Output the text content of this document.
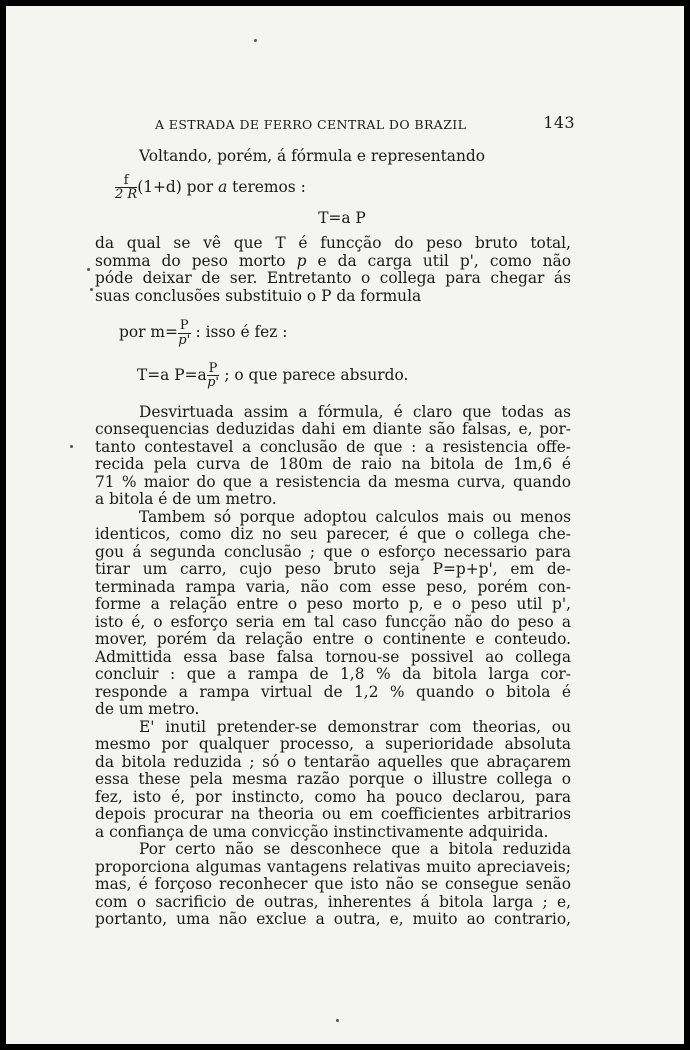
A ESTRADA DE FERRO CENTRAL DO BRAZIL	143

Voltando, porém, á fórmula e representando

$\frac{f}{2 R} (1+d)$ por a teremos :

T=a P

da qual se vê que T é funcção do peso bruto total,

somma do peso morto p e da carga util p', como não

póde deixar de ser. Entretanto o collega para chegar ás

suas conclusões substituio o P da formula

por $m= \frac{P}{p'}$ : isso é fez :

T=a $P=a \frac{P}{p'}$ ; o que parece absurdo.

Desvirtuada assim a fórmula, é claro que todas as

consequencias deduzidas dahi em diante são falsas, e, por-

tanto contestavel a conclusão de que : a resistencia offe-

recida pela curva de 180m de raio na bitola de 1m,6 é

71 % maior do que a resistencia da mesma curva, quando

a bitola é de um metro.

Tambem só porque adoptou calculos mais ou menos

identicos, como diz no seu parecer, é que o collega che-

gou á segunda conclusão ; que o esforço necessario para

tirar um carro, cujo peso bruto seja P=p+p', em de-

terminada rampa varia, não com esse peso, porém con-

forme a relação entre o peso morto p, e o peso util p',

isto é, o esforço seria em tal caso funcção não do peso a

mover, porém da relação entre o continente e conteudo.

Admittida essa base falsa tornou-se possivel ao collega

concluir : que a rampa de 1,8 % da bitola larga cor-

responde a rampa virtual de 1,2 % quando o bitola é

de um metro.

E' inutil pretender-se demonstrar com theorias, ou

mesmo por qualquer processo, a superioridade absoluta

da bitola reduzida ; só o tentarão aquelles que abraçarem

essa these pela mesma razão porque o illustre collega o

fez, isto é, por instincto, como ha pouco declarou, para

depois procurar na theoria ou em coefficientes arbitrarios

a confiança de uma convicção instinctivamente adquirida.

Por certo não se desconhece que a bitola reduzida

proporciona algumas vantagens relativas muito apreciaveis;

mas, é forçoso reconhecer que isto não se consegue senão

com o sacrificio de outras, inherentes á bitola larga ; e,

portanto, uma não exclue a outra, e, muito ao contrario,
